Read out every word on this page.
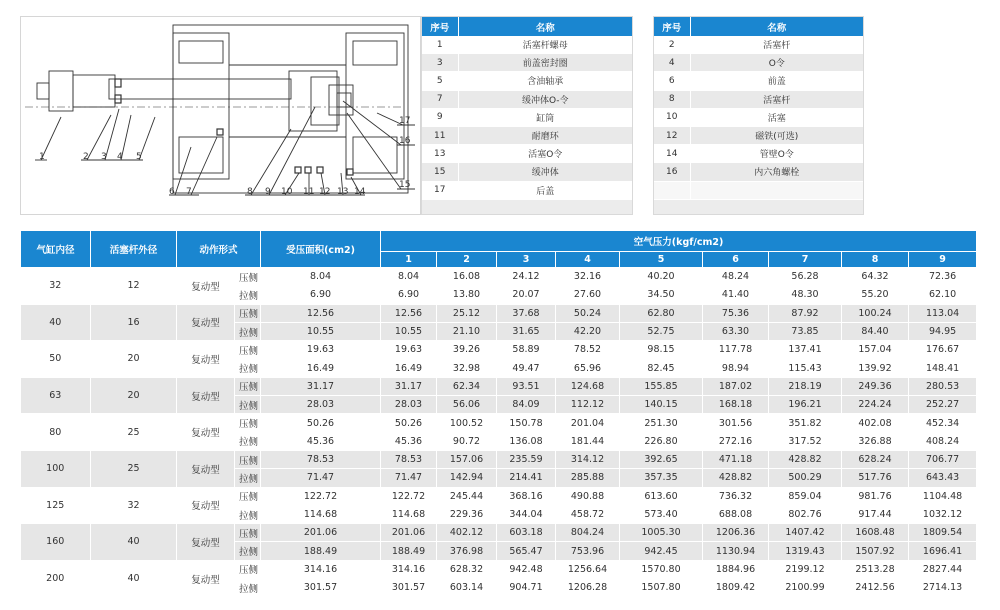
1	2 3 4 5
6 7	8 9 10 11 12 13 14
15
16
17
序号	名称
1	活塞杆螺母
3	前盖密封圈
5	含油轴承
7	缓冲体O-令
9	缸筒
11	耐磨环
13	活塞O令
15	缓冲体
17	后盖
序号	名称
2	活塞杆
4	O令
6	前盖
8	活塞杆
10	活塞
12	磁铁(可选)
14	管壁O令
16	内六角螺栓

气缸内径	活塞杆外径	动作形式		受压面积(cm2)	空气压力(kgf/cm2)								
					1	2	3	4	5	6	7	8	9
32	12	复动型	压侧	8.04	8.04	16.08	24.12	32.16	40.20	48.24	56.28	64.32	72.36
			拉侧	6.90	6.90	13.80	20.07	27.60	34.50	41.40	48.30	55.20	62.10
40	16	复动型	压侧	12.56	12.56	25.12	37.68	50.24	62.80	75.36	87.92	100.24	113.04
			拉侧	10.55	10.55	21.10	31.65	42.20	52.75	63.30	73.85	84.40	94.95
50	20	复动型	压侧	19.63	19.63	39.26	58.89	78.52	98.15	117.78	137.41	157.04	176.67
			拉侧	16.49	16.49	32.98	49.47	65.96	82.45	98.94	115.43	139.92	148.41
63	20	复动型	压侧	31.17	31.17	62.34	93.51	124.68	155.85	187.02	218.19	249.36	280.53
			拉侧	28.03	28.03	56.06	84.09	112.12	140.15	168.18	196.21	224.24	252.27
80	25	复动型	压侧	50.26	50.26	100.52	150.78	201.04	251.30	301.56	351.82	402.08	452.34
			拉侧	45.36	45.36	90.72	136.08	181.44	226.80	272.16	317.52	326.88	408.24
100	25	复动型	压侧	78.53	78.53	157.06	235.59	314.12	392.65	471.18	428.82	628.24	706.77
			拉侧	71.47	71.47	142.94	214.41	285.88	357.35	428.82	500.29	517.76	643.43
125	32	复动型	压侧	122.72	122.72	245.44	368.16	490.88	613.60	736.32	859.04	981.76	1104.48
			拉侧	114.68	114.68	229.36	344.04	458.72	573.40	688.08	802.76	917.44	1032.12
160	40	复动型	压侧	201.06	201.06	402.12	603.18	804.24	1005.30	1206.36	1407.42	1608.48	1809.54
			拉侧	188.49	188.49	376.98	565.47	753.96	942.45	1130.94	1319.43	1507.92	1696.41
200	40	复动型	压侧	314.16	314.16	628.32	942.48	1256.64	1570.80	1884.96	2199.12	2513.28	2827.44
			拉侧	301.57	301.57	603.14	904.71	1206.28	1507.80	1809.42	2100.99	2412.56	2714.13
